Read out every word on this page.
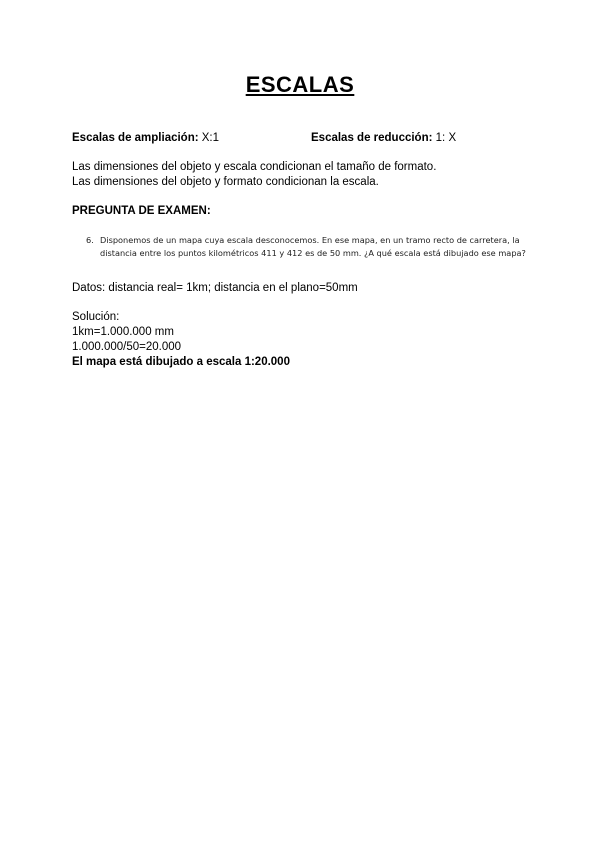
ESCALAS
Escalas de ampliación: X:1	Escalas de reducción: 1: X
Las dimensiones del objeto y escala condicionan el tamaño de formato.
Las dimensiones del objeto y formato condicionan la escala.
PREGUNTA DE EXAMEN:
6. Disponemos de un mapa cuya escala desconocemos. En ese mapa, en un tramo recto de carretera, la
distancia entre los puntos kilométricos 411 y 412 es de 50 mm. ¿A qué escala está dibujado ese mapa?
Datos: distancia real= 1km; distancia en el plano=50mm
Solución:
1km=1.000.000 mm
1.000.000/50=20.000
El mapa está dibujado a escala 1:20.000
